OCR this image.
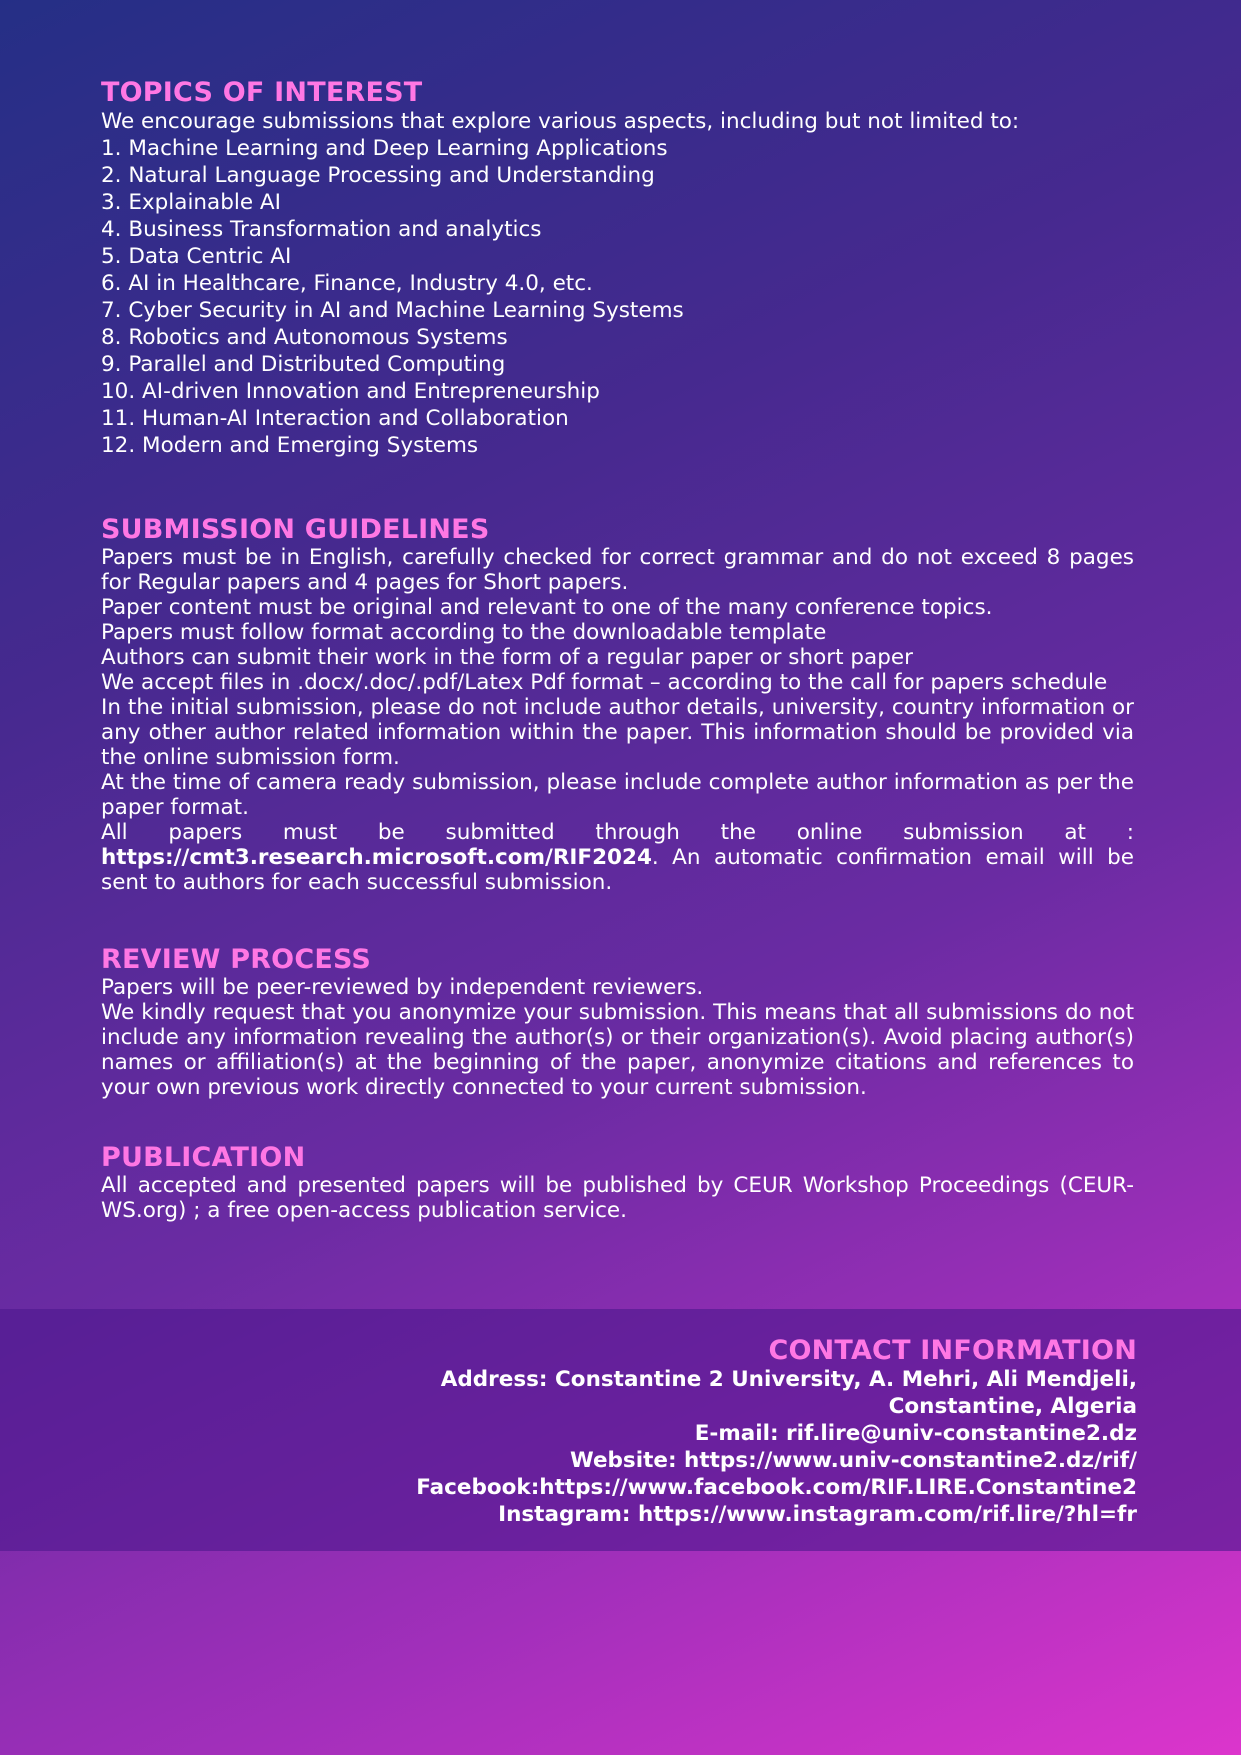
TOPICS OF INTEREST
We encourage submissions that explore various aspects, including but not limited to:
1. Machine Learning and Deep Learning Applications
2. Natural Language Processing and Understanding
3. Explainable AI
4. Business Transformation and analytics
5. Data Centric AI
6. AI in Healthcare, Finance, Industry 4.0, etc.
7. Cyber Security in AI and Machine Learning Systems
8. Robotics and Autonomous Systems
9. Parallel and Distributed Computing
10. AI-driven Innovation and Entrepreneurship
11. Human-AI Interaction and Collaboration
12. Modern and Emerging Systems
SUBMISSION GUIDELINES

Papers must be in English, carefully checked for correct grammar and do not exceed 8 pages for Regular papers and 4 pages for Short papers.

Paper content must be original and relevant to one of the many conference topics.

Papers must follow format according to the downloadable template

Authors can submit their work in the form of a regular paper or short paper

We accept files in .docx/.doc/.pdf/Latex Pdf format – according to the call for papers schedule

In the initial submission, please do not include author details, university, country information or any other author related information within the paper. This information should be provided via the online submission form.

At the time of camera ready submission, please include complete author information as per the paper format.

All papers must be submitted through the online submission at : https://cmt3.research.microsoft.com/RIF2024. An automatic confirmation email will be sent to authors for each successful submission.

REVIEW PROCESS

Papers will be peer-reviewed by independent reviewers.

We kindly request that you anonymize your submission. This means that all submissions do not include any information revealing the author(s) or their organization(s). Avoid placing author(s) names or affiliation(s) at the beginning of the paper, anonymize citations and references to your own previous work directly connected to your current submission.

PUBLICATION

All accepted and presented papers will be published by CEUR Workshop Proceedings (CEUR-WS.org) ; a free open-access publication service.

CONTACT INFORMATION
Address: Constantine 2 University, A. Mehri, Ali Mendjeli,
Constantine, Algeria
E-mail: rif.lire@univ-constantine2.dz
Website: https://www.univ-constantine2.dz/rif/
Facebook:https://www.facebook.com/RIF.LIRE.Constantine2
Instagram: https://www.instagram.com/rif.lire/?hl=fr
